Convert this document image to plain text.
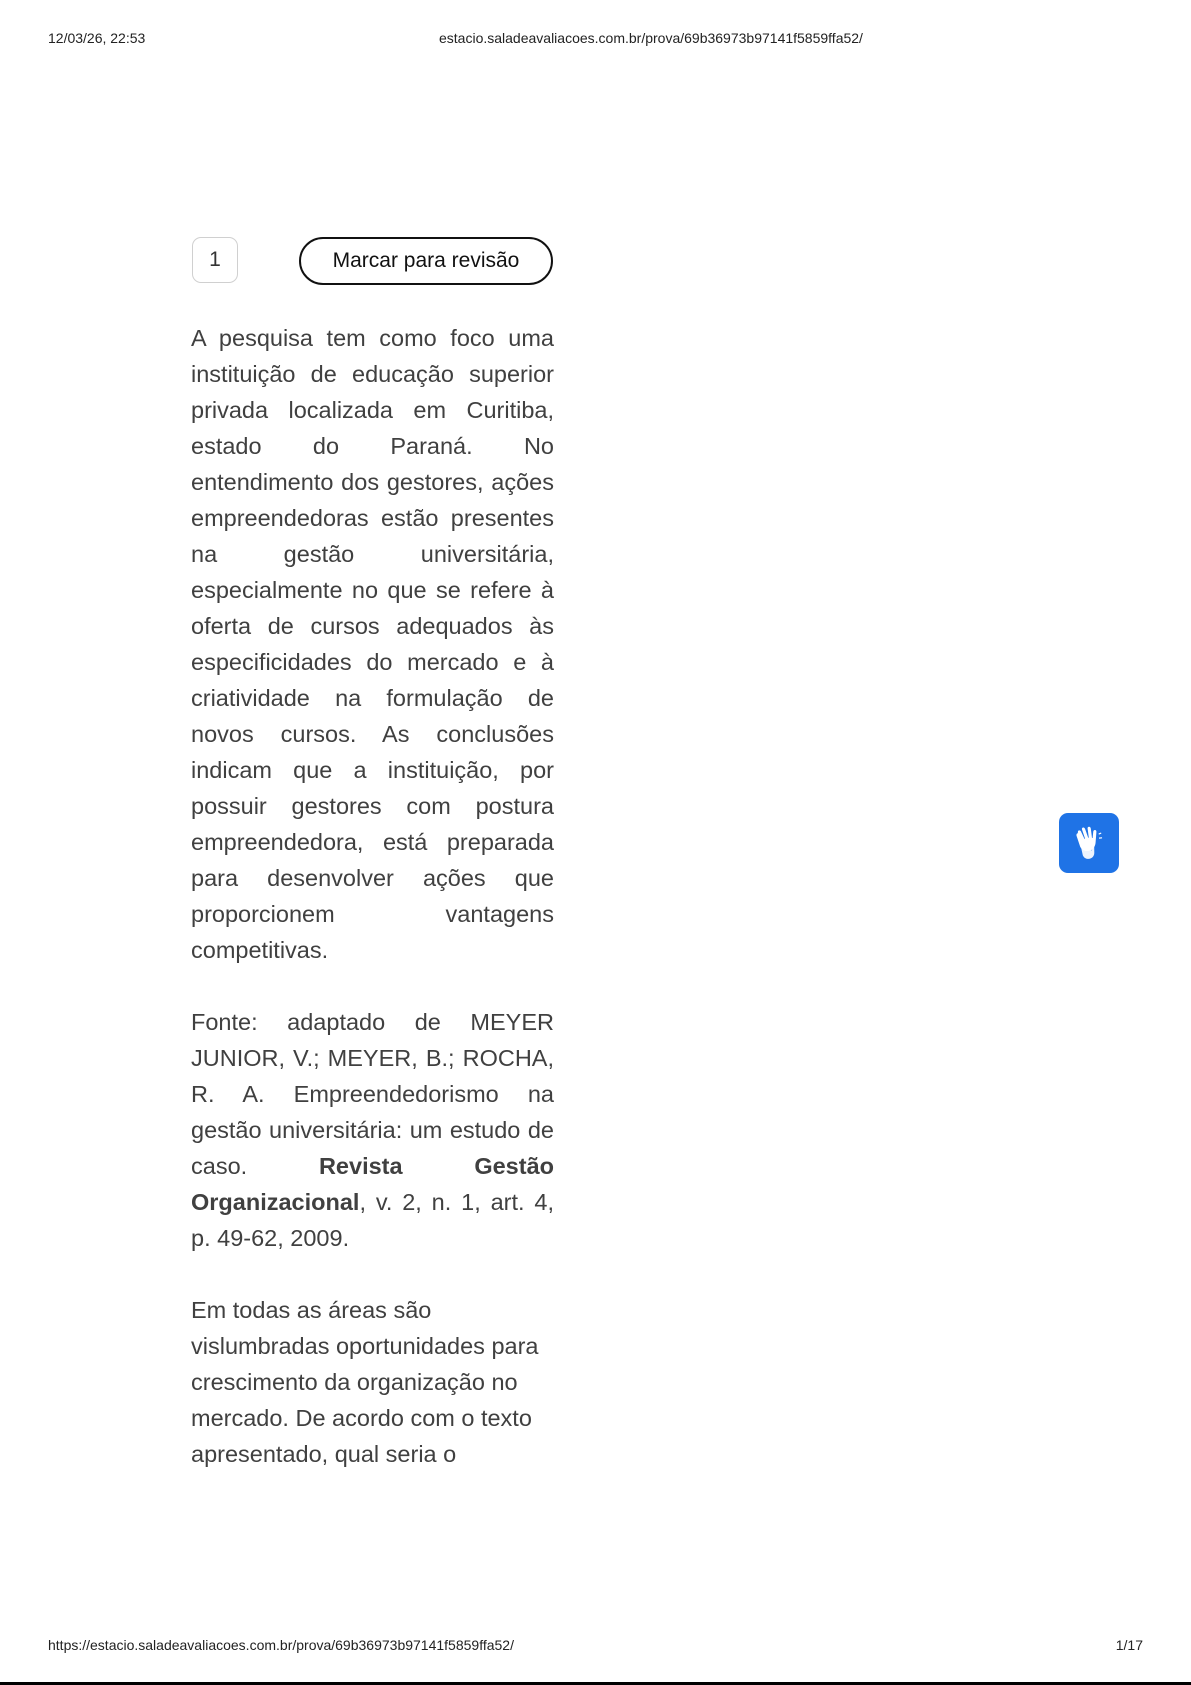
12/03/26, 22:53	estacio.saladeavaliacoes.com.br/prova/69b36973b97141f5859ffa52/
1	Marcar para revisão

A pesquisa tem como foco uma instituição de educação superior privada localizada em Curitiba, estado do Paraná. No entendimento dos gestores, ações empreendedoras estão presentes na gestão universitária, especialmente no que se refere à oferta de cursos adequados às especificidades do mercado e à criatividade na formulação de novos cursos. As conclusões indicam que a instituição, por possuir gestores com postura empreendedora, está preparada para desenvolver ações que proporcionem vantagens competitivas.

Fonte: adaptado de MEYER JUNIOR, V.; MEYER, B.; ROCHA, R. A. Empreendedorismo na gestão universitária: um estudo de caso. Revista Gestão Organizacional, v. 2, n. 1, art. 4, p. 49-62, 2009.

Em todas as áreas são vislumbradas oportunidades para crescimento da organização no mercado. De acordo com o texto apresentado, qual seria o

https://estacio.saladeavaliacoes.com.br/prova/69b36973b97141f5859ffa52/	1/17
